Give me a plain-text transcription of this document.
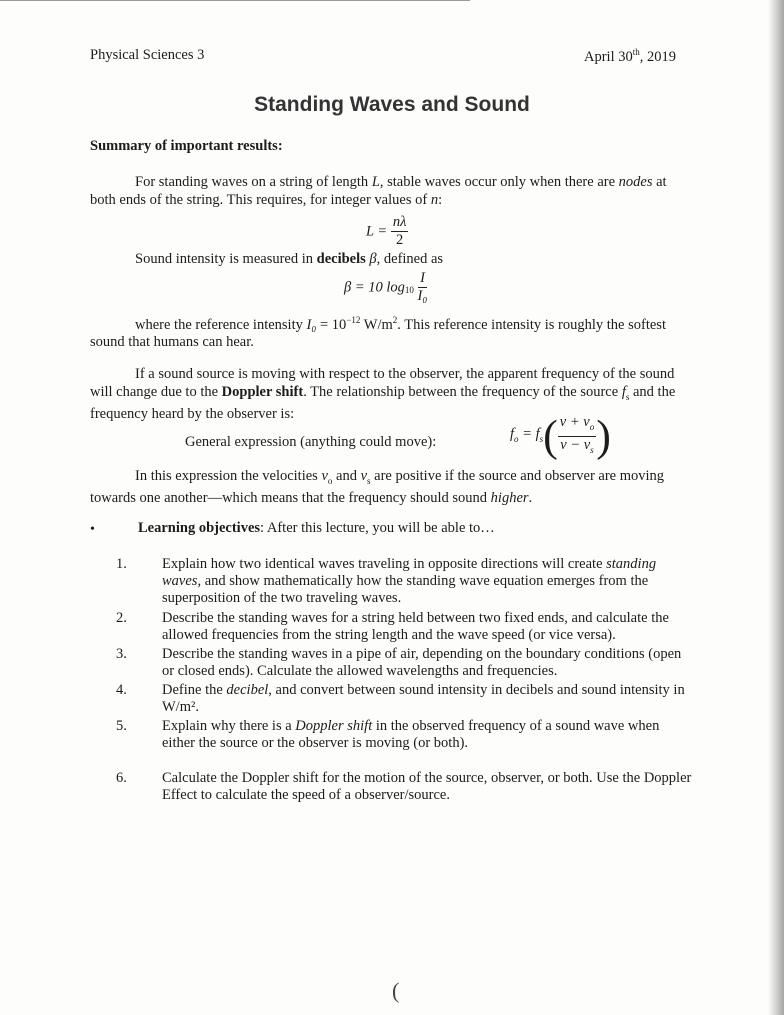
Physical Sciences 3	April 30th, 2019
Standing Waves and Sound
Summary of important results:
For standing waves on a string of length L, stable waves occur only when there are nodes at both ends of the string. This requires, for integer values of n:
$L = \frac{n\lambda}{2}$
Sound intensity is measured in decibels β, defined as
β = 10 $\log_{10} \frac{I}{\text{I₀}}$
where the reference intensity $I_0 = 10^{-12}$ $W/m^2$. This reference intensity is roughly the softest sound that humans can hear.
If a sound source is moving with respect to the observer, the apparent frequency of the sound will change due to the Doppler shift. The relationship between the frequency of the source $f_s$ and the frequency heard by the observer is:
General expression (anything could move):
$f_o = f_s( \frac{v + v_o}{v - v_s}$ )
In this expression the velocities $v_o$ and $v_s$ are positive if the source and observer are moving towards one another—which means that the frequency should sound higher.
•	Learning objectives: After this lecture, you will be able to…
1.	Explain how two identical waves traveling in opposite directions will create standing waves, and show mathematically how the standing wave equation emerges from the superposition of the two traveling waves.
2.	Describe the standing waves for a string held between two fixed ends, and calculate the allowed frequencies from the string length and the wave speed (or vice versa).
3.	Describe the standing waves in a pipe of air, depending on the boundary conditions (open or closed ends). Calculate the allowed wavelengths and frequencies.
4.	Define the decibel, and convert between sound intensity in decibels and sound intensity in W/m².
5.	Explain why there is a Doppler shift in the observed frequency of a sound wave when either the source or the observer is moving (or both).
6.	Calculate the Doppler shift for the motion of the source, observer, or both. Use the Doppler Effect to calculate the speed of a observer/source.
(
